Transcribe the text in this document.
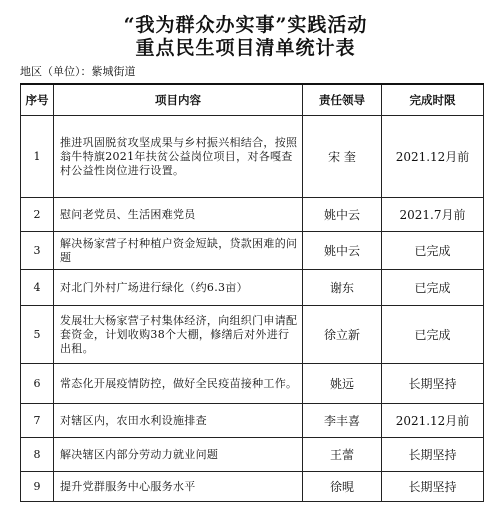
“我为群众办实事”实践活动
重点民生项目清单统计表
地区（单位）：紫城街道
序号	项目内容	责任领导	完成时限
1	推进巩固脱贫攻坚成果与乡村振兴相结合，按照翁牛特旗2021年扶贫公益岗位项目，对各嘎查村公益性岗位进行设置。	宋 奎	2021.12月前
2	慰问老党员、生活困难党员	姚中云	2021.7月前
3	解决杨家营子村种植户资金短缺，贷款困难的问题	姚中云	已完成
4	对北门外村广场进行绿化（约6.3亩）	谢东	已完成
5	发展壮大杨家营子村集体经济，向组织门申请配套资金，计划收购38个大棚，修缮后对外进行出租。	徐立新	已完成
6	常态化开展疫情防控，做好全民疫苗接种工作。	姚远	长期坚持
7	对辖区内，农田水利设施排查	李丰喜	2021.12月前
8	解决辖区内部分劳动力就业问题	王蕾	长期坚持
9	提升党群服务中心服务水平	徐晛	长期坚持
